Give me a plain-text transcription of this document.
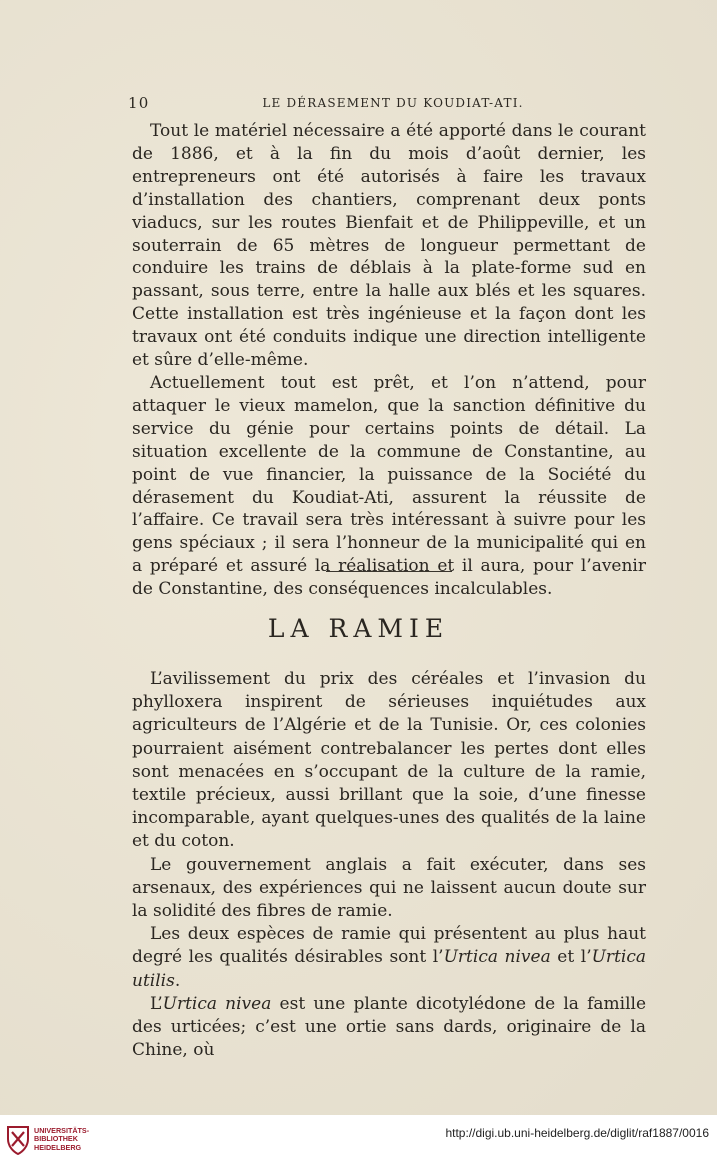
10	LE DÉRASEMENT DU KOUDIAT-ATI.

Tout le matériel nécessaire a été apporté dans le courant de 1886, et à la fin du mois d’août dernier, les entrepreneurs ont été autorisés à faire les travaux d’installation des chantiers, comprenant deux ponts viaducs, sur les routes Bienfait et de Philippeville, et un souterrain de 65 mètres de longueur permettant de conduire les trains de déblais à la plate-forme sud en passant, sous terre, entre la halle aux blés et les squares. Cette installation est très ingénieuse et la façon dont les travaux ont été conduits indique une direction intelligente et sûre d’elle-même.

Actuellement tout est prêt, et l’on n’attend, pour attaquer le vieux mamelon, que la sanction définitive du service du génie pour certains points de détail. La situation excellente de la commune de Constantine, au point de vue financier, la puissance de la Société du dérasement du Koudiat-Ati, assurent la réussite de l’affaire. Ce travail sera très intéressant à suivre pour les gens spéciaux ; il sera l’honneur de la municipalité qui en a préparé et assuré la réalisation et il aura, pour l’avenir de Constantine, des conséquences incalculables.

LA RAMIE

L’avilissement du prix des céréales et l’invasion du phylloxera inspirent de sérieuses inquiétudes aux agriculteurs de l’Algérie et de la Tunisie. Or, ces colonies pourraient aisément contrebalancer les pertes dont elles sont menacées en s’occupant de la culture de la ramie, textile précieux, aussi brillant que la soie, d’une finesse incomparable, ayant quelques-unes des qualités de la laine et du coton.

Le gouvernement anglais a fait exécuter, dans ses arsenaux, des expériences qui ne laissent aucun doute sur la solidité des fibres de ramie.

Les deux espèces de ramie qui présentent au plus haut degré les qualités désirables sont l’Urtica nivea et l’Urtica utilis.

L’Urtica nivea est une plante dicotylédone de la famille des urticées; c’est une ortie sans dards, originaire de la Chine, où

UNIVERSITÄTS-
BIBLIOTHEK
HEIDELBERG
http://digi.ub.uni-heidelberg.de/diglit/raf1887/0016
